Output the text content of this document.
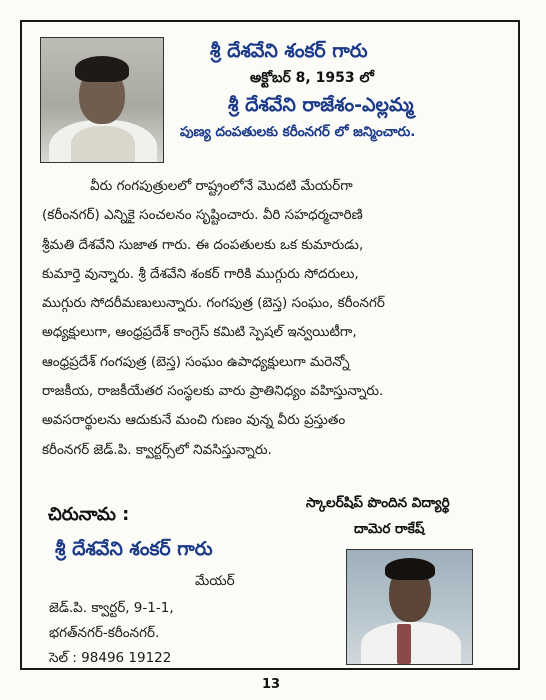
శ్రీ దేశవేని శంకర్ గారు
అక్టోబర్ 8, 1953 లో
శ్రీ దేశవేని రాజేశం-ఎల్లమ్మ
పుణ్య దంపతులకు కరీంనగర్ లో జన్మించారు.
వీరు గంగపుత్రులలో రాష్ట్రంలోనే మొదటి మేయర్‌గా
(కరీంనగర్) ఎన్నికై సంచలనం సృష్టించారు. వీరి సహధర్మచారిణి
శ్రీమతి దేశవేని సుజాత గారు. ఈ దంపతులకు ఒక కుమారుడు,
కుమార్తె వున్నారు. శ్రీ దేశవేని శంకర్ గారికి ముగ్గురు సోదరులు,
ముగ్గురు సోదరీమణులున్నారు. గంగపుత్ర (బెస్త) సంఘం, కరీంనగర్
అధ్యక్షులుగా, ఆంధ్రప్రదేశ్ కాంగ్రెస్ కమిటి స్పెషల్ ఇన్వయిటీగా,
ఆంధ్రప్రదేశ్ గంగపుత్ర (బెస్త) సంఘం ఉపాధ్యక్షులుగా మరెన్నో
రాజకీయ, రాజకీయేతర సంస్థలకు వారు ప్రాతినిధ్యం వహిస్తున్నారు.
అవసరార్థులను ఆదుకునే మంచి గుణం వున్న వీరు ప్రస్తుతం
కరీంనగర్ జెడ్.పి. క్వార్టర్స్‌లో నివసిస్తున్నారు.
చిరునామ :
శ్రీ దేశవేని శంకర్ గారు
మేయర్
జెడ్.పి. క్వార్టర్, 9-1-1,
భగత్‌నగర్-కరీంనగర్.
సెల్ : 98496 19122
స్కాలర్‌షిప్ పొందిన విద్యార్థి
దామెర రాకేష్
13
